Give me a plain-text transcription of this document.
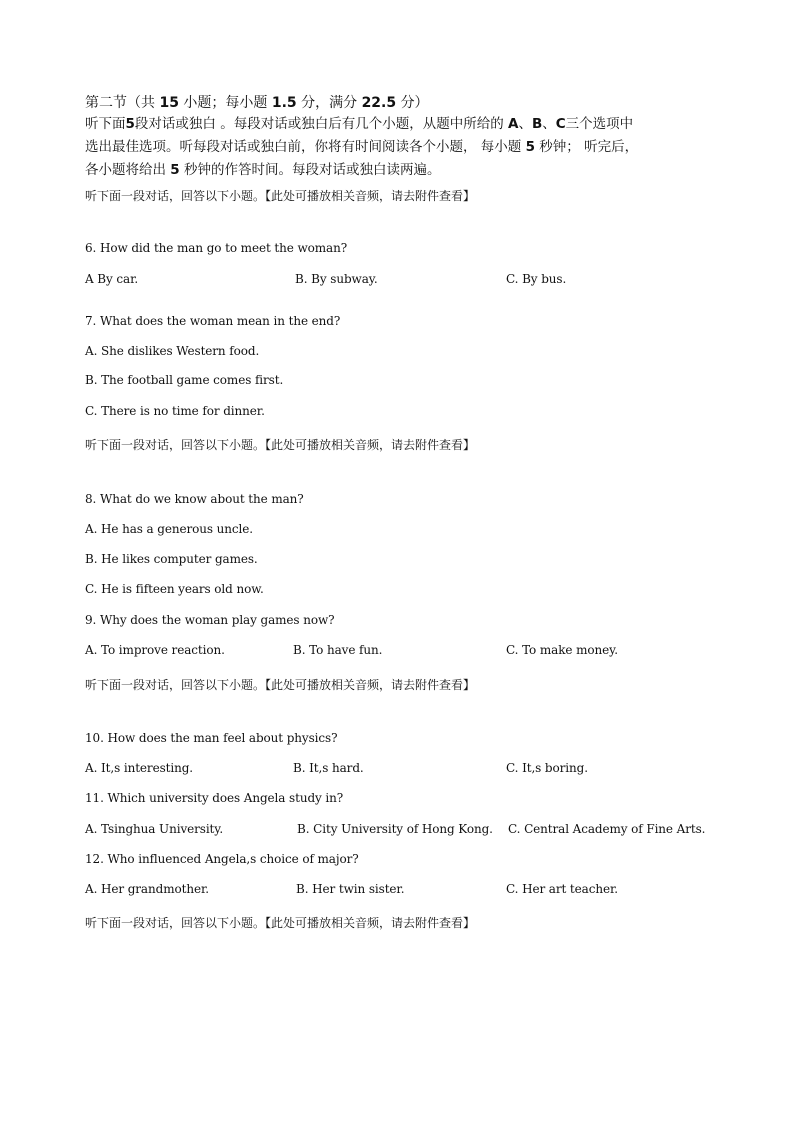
第二节（共 15 小题；每小题 1.5 分，满分 22.5 分）
听下面5段对话或独白 。每段对话或独白后有几个小题，从题中所给的 A、B、C三个选项中
选出最佳选项。听每段对话或独白前，你将有时间阅读各个小题， 每小题 5 秒钟； 听完后，
各小题将给出 5 秒钟的作答时间。每段对话或独白读两遍。
听下面一段对话，回答以下小题。【此处可播放相关音频，请去附件查看】
6. How did the man go to meet the woman?
A By car.	B. By subway.	C. By bus.
7. What does the woman mean in the end?
A. She dislikes Western food.
B. The football game comes first.
C. There is no time for dinner.
听下面一段对话，回答以下小题。【此处可播放相关音频，请去附件查看】
8. What do we know about the man?
A. He has a generous uncle.
B. He likes computer games.
C. He is fifteen years old now.
9. Why does the woman play games now?
A. To improve reaction.	B. To have fun.	C. To make money.
听下面一段对话，回答以下小题。【此处可播放相关音频，请去附件查看】
10. How does the man feel about physics?
A. It,s interesting.	B. It,s hard.	C. It,s boring.
11. Which university does Angela study in?
A. Tsinghua University.	B. City University of Hong Kong. C. Central Academy of Fine Arts.
12. Who influenced Angela,s choice of major?
A. Her grandmother.	B. Her twin sister.	C. Her art teacher.
听下面一段对话，回答以下小题。【此处可播放相关音频，请去附件查看】
